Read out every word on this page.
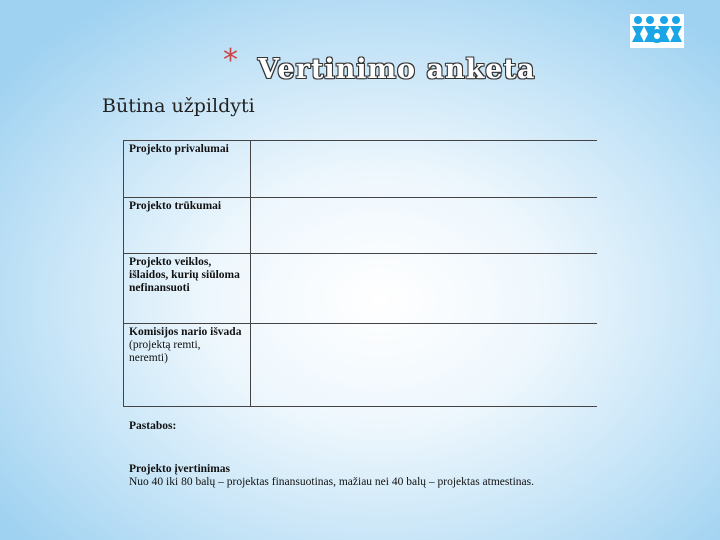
* Vertinimo anketa
Būtina užpildyti
Projekto privalumai	

Projekto trūkumai	

Projekto veiklos,
išlaidos, kurių siūloma
nefinansuoti	

Komisijos nario išvada
(projektą remti,
neremti)	

Pastabos:
Projekto įvertinimas
Nuo 40 iki 80 balų – projektas finansuotinas, mažiau nei 40 balų – projektas atmestinas.
